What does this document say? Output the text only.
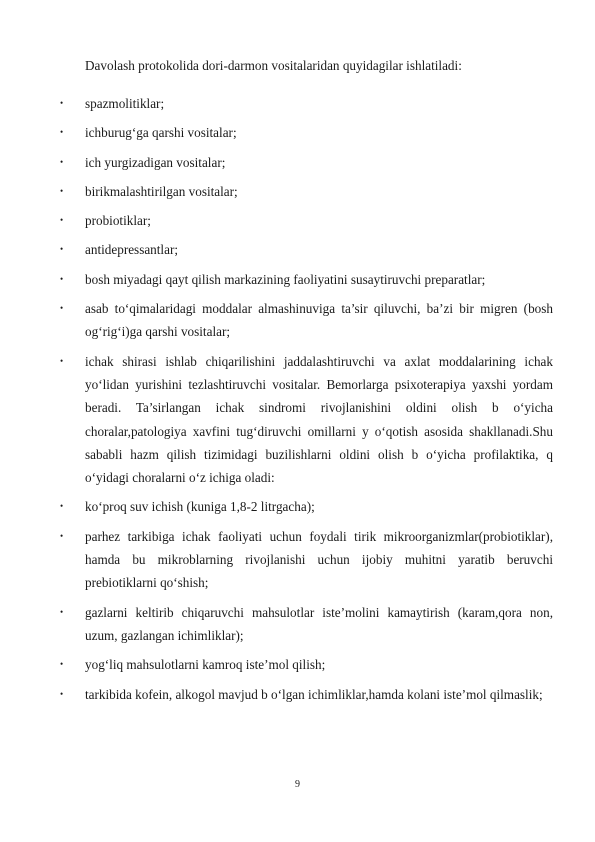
Davolash protokolida dori-darmon vositalaridan quyidagilar ishlatiladi:
• spazmolitiklar;
• ichburug‘ga qarshi vositalar;
• ich yurgizadigan vositalar;
• birikmalashtirilgan vositalar;
• probiotiklar;
• antidepressantlar;
• bosh miyadagi qayt qilish markazining faoliyatini susaytiruvchi preparatlar;
• asab to‘qimalaridagi moddalar almashinuviga ta’sir qiluvchi, ba’zi bir migren (bosh og‘rig‘i)ga qarshi vositalar;
• ichak shirasi ishlab chiqarilishini jaddalashtiruvchi va axlat moddalarining ichak yo‘lidan yurishini tezlashtiruvchi vositalar. Bemorlarga psixoterapiya yaxshi yordam beradi. Ta’sirlangan ichak sindromi rivojlanishini oldini olish b o‘yicha choralar,patologiya xavfini tug‘diruvchi omillarni y o‘qotish asosida shakllanadi.Shu sababli hazm qilish tizimidagi buzilishlarni oldini olish b o‘yicha profilaktika, q o‘yidagi choralarni o‘z ichiga oladi:
• ko‘proq suv ichish (kuniga 1,8-2 litrgacha);
• parhez tarkibiga ichak faoliyati uchun foydali tirik mikroorganizmlar(probiotiklar), hamda bu mikroblarning rivojlanishi uchun ijobiy muhitni yaratib beruvchi prebiotiklarni qo‘shish;
• gazlarni keltirib chiqaruvchi mahsulotlar iste’molini kamaytirish (karam,qora non, uzum, gazlangan ichimliklar);
• yog‘liq mahsulotlarni kamroq iste’mol qilish;
• tarkibida kofein, alkogol mavjud b o‘lgan ichimliklar,hamda kolani iste’mol qilmaslik;
9
